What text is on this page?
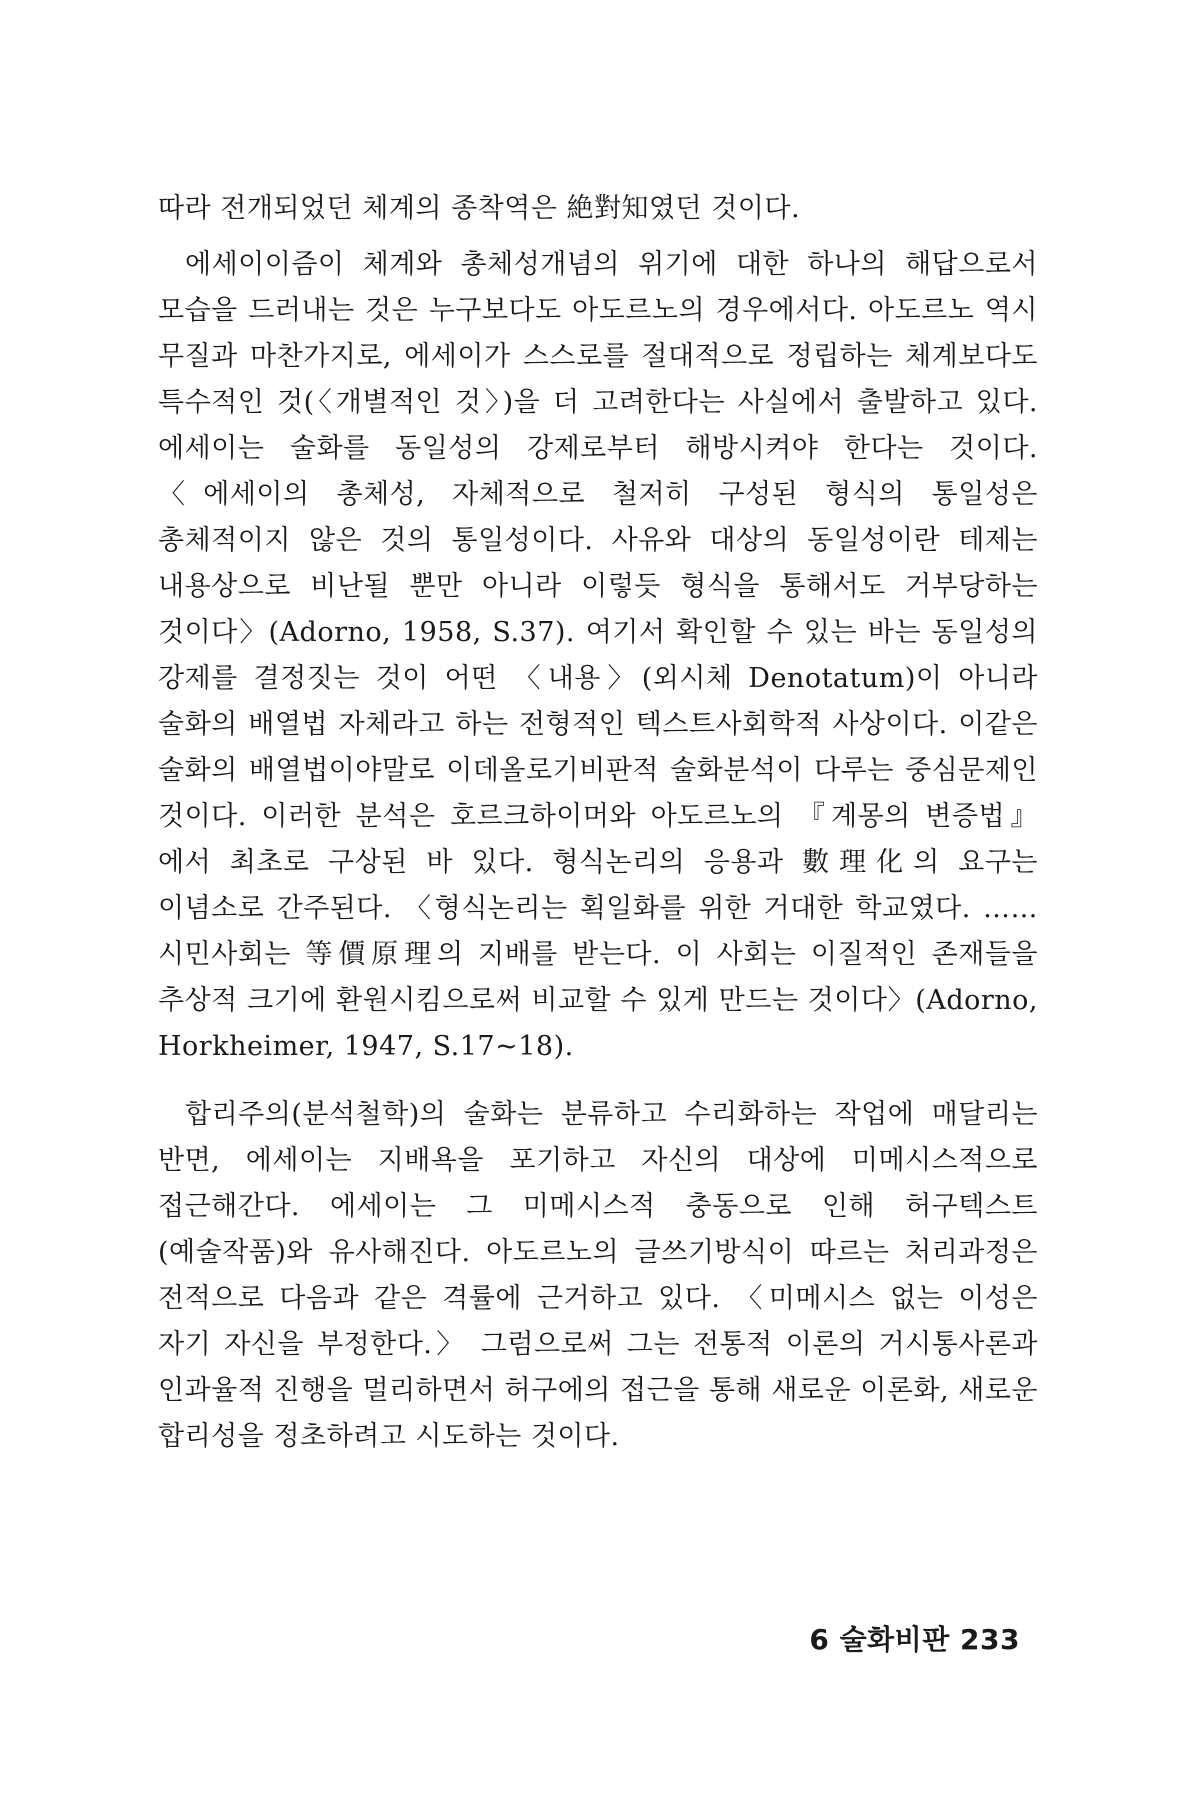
따라 전개되었던 체계의 종착역은 絶對知였던 것이다.

에세이이즘이 체계와 총체성개념의 위기에 대한 하나의 해답으로서 모습을 드러내는 것은 누구보다도 아도르노의 경우에서다. 아도르노 역시 무질과 마찬가지로, 에세이가 스스로를 절대적으로 정립하는 체계보다도 특수적인 것(〈개별적인 것〉)을 더 고려한다는 사실에서 출발하고 있다. 에세이는 술화를 동일성의 강제로부터 해방시켜야 한다는 것이다. 〈에세이의 총체성, 자체적으로 철저히 구성된 형식의 통일성은 총체적이지 않은 것의 통일성이다. 사유와 대상의 동일성이란 테제는 내용상으로 비난될 뿐만 아니라 이렇듯 형식을 통해서도 거부당하는 것이다〉(Adorno, 1958, S.37). 여기서 확인할 수 있는 바는 동일성의 강제를 결정짓는 것이 어떤 〈내용〉(외시체 Denotatum)이 아니라 술화의 배열법 자체라고 하는 전형적인 텍스트사회학적 사상이다. 이같은 술화의 배열법이야말로 이데올로기비판적 술화분석이 다루는 중심문제인 것이다. 이러한 분석은 호르크하이머와 아도르노의 『계몽의 변증법』에서 최초로 구상된 바 있다. 형식논리의 응용과 數理化의 요구는 이념소로 간주된다. 〈형식논리는 획일화를 위한 거대한 학교였다. ……시민사회는 等價原理의 지배를 받는다. 이 사회는 이질적인 존재들을 추상적 크기에 환원시킴으로써 비교할 수 있게 만드는 것이다〉(Adorno, Horkheimer, 1947, S.17~18).

합리주의(분석철학)의 술화는 분류하고 수리화하는 작업에 매달리는 반면, 에세이는 지배욕을 포기하고 자신의 대상에 미메시스적으로 접근해간다. 에세이는 그 미메시스적 충동으로 인해 허구텍스트(예술작품)와 유사해진다. 아도르노의 글쓰기방식이 따르는 처리과정은 전적으로 다음과 같은 격률에 근거하고 있다. 〈미메시스 없는 이성은 자기 자신을 부정한다.〉 그럼으로써 그는 전통적 이론의 거시통사론과 인과율적 진행을 멀리하면서 허구에의 접근을 통해 새로운 이론화, 새로운 합리성을 정초하려고 시도하는 것이다.

6 술화비판 233
